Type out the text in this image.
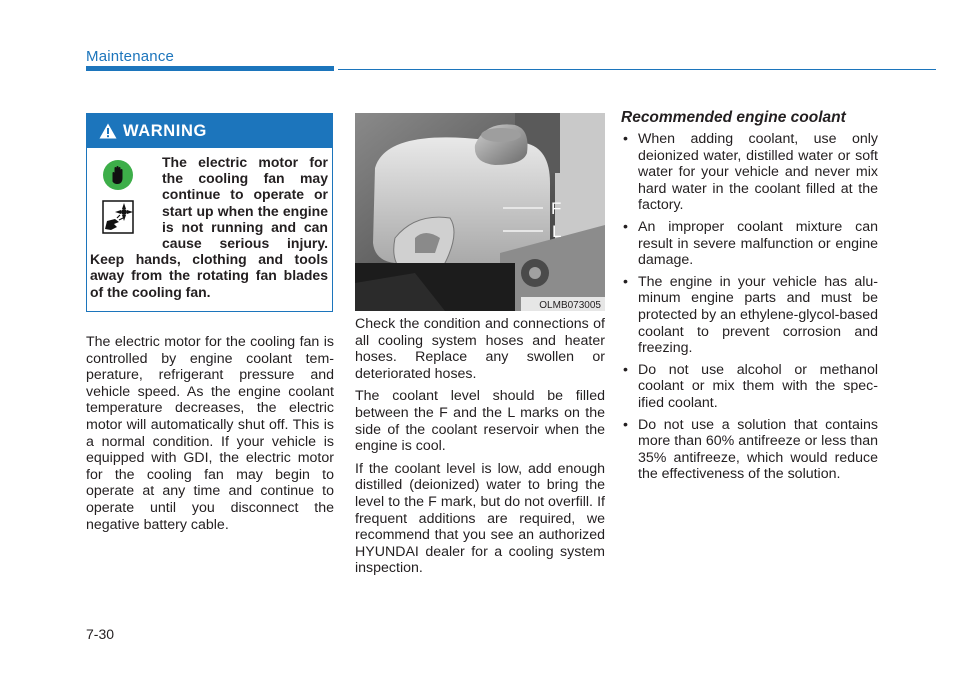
Maintenance
WARNING

The electric motor for the cooling fan may continue to operate or start up when the engine is not running and can cause serious injury. Keep hands, clothing and tools away from the rotating fan blades of the cooling fan.

The electric motor for the cooling fan is controlled by engine coolant tem-perature, refrigerant pressure and vehicle speed. As the engine coolant temperature decreases, the electric motor will automatically shut off. This is a normal condition. If your vehicle is equipped with GDI, the electric motor for the cooling fan may begin to operate at any time and continue to operate until you disconnect the negative battery cable.

F
L
OLMB073005

Check the condition and connections of all cooling system hoses and heater hoses. Replace any swollen or deteriorated hoses.

The coolant level should be filled between the F and the L marks on the side of the coolant reservoir when the engine is cool.

If the coolant level is low, add enough distilled (deionized) water to bring the level to the F mark, but do not overfill. If frequent additions are required, we recommend that you see an authorized HYUNDAI dealer for a cooling system inspection.

Recommended engine coolant
• When adding coolant, use only deionized water, distilled water or soft water for your vehicle and never mix hard water in the coolant filled at the factory.
• An improper coolant mixture can result in severe malfunction or engine damage.
• The engine in your vehicle has alu-minum engine parts and must be protected by an ethylene-glycol-based coolant to prevent corrosion and freezing.
• Do not use alcohol or methanol coolant or mix them with the spec-ified coolant.
• Do not use a solution that contains more than 60% antifreeze or less than 35% antifreeze, which would reduce the effectiveness of the solution.
7-30
